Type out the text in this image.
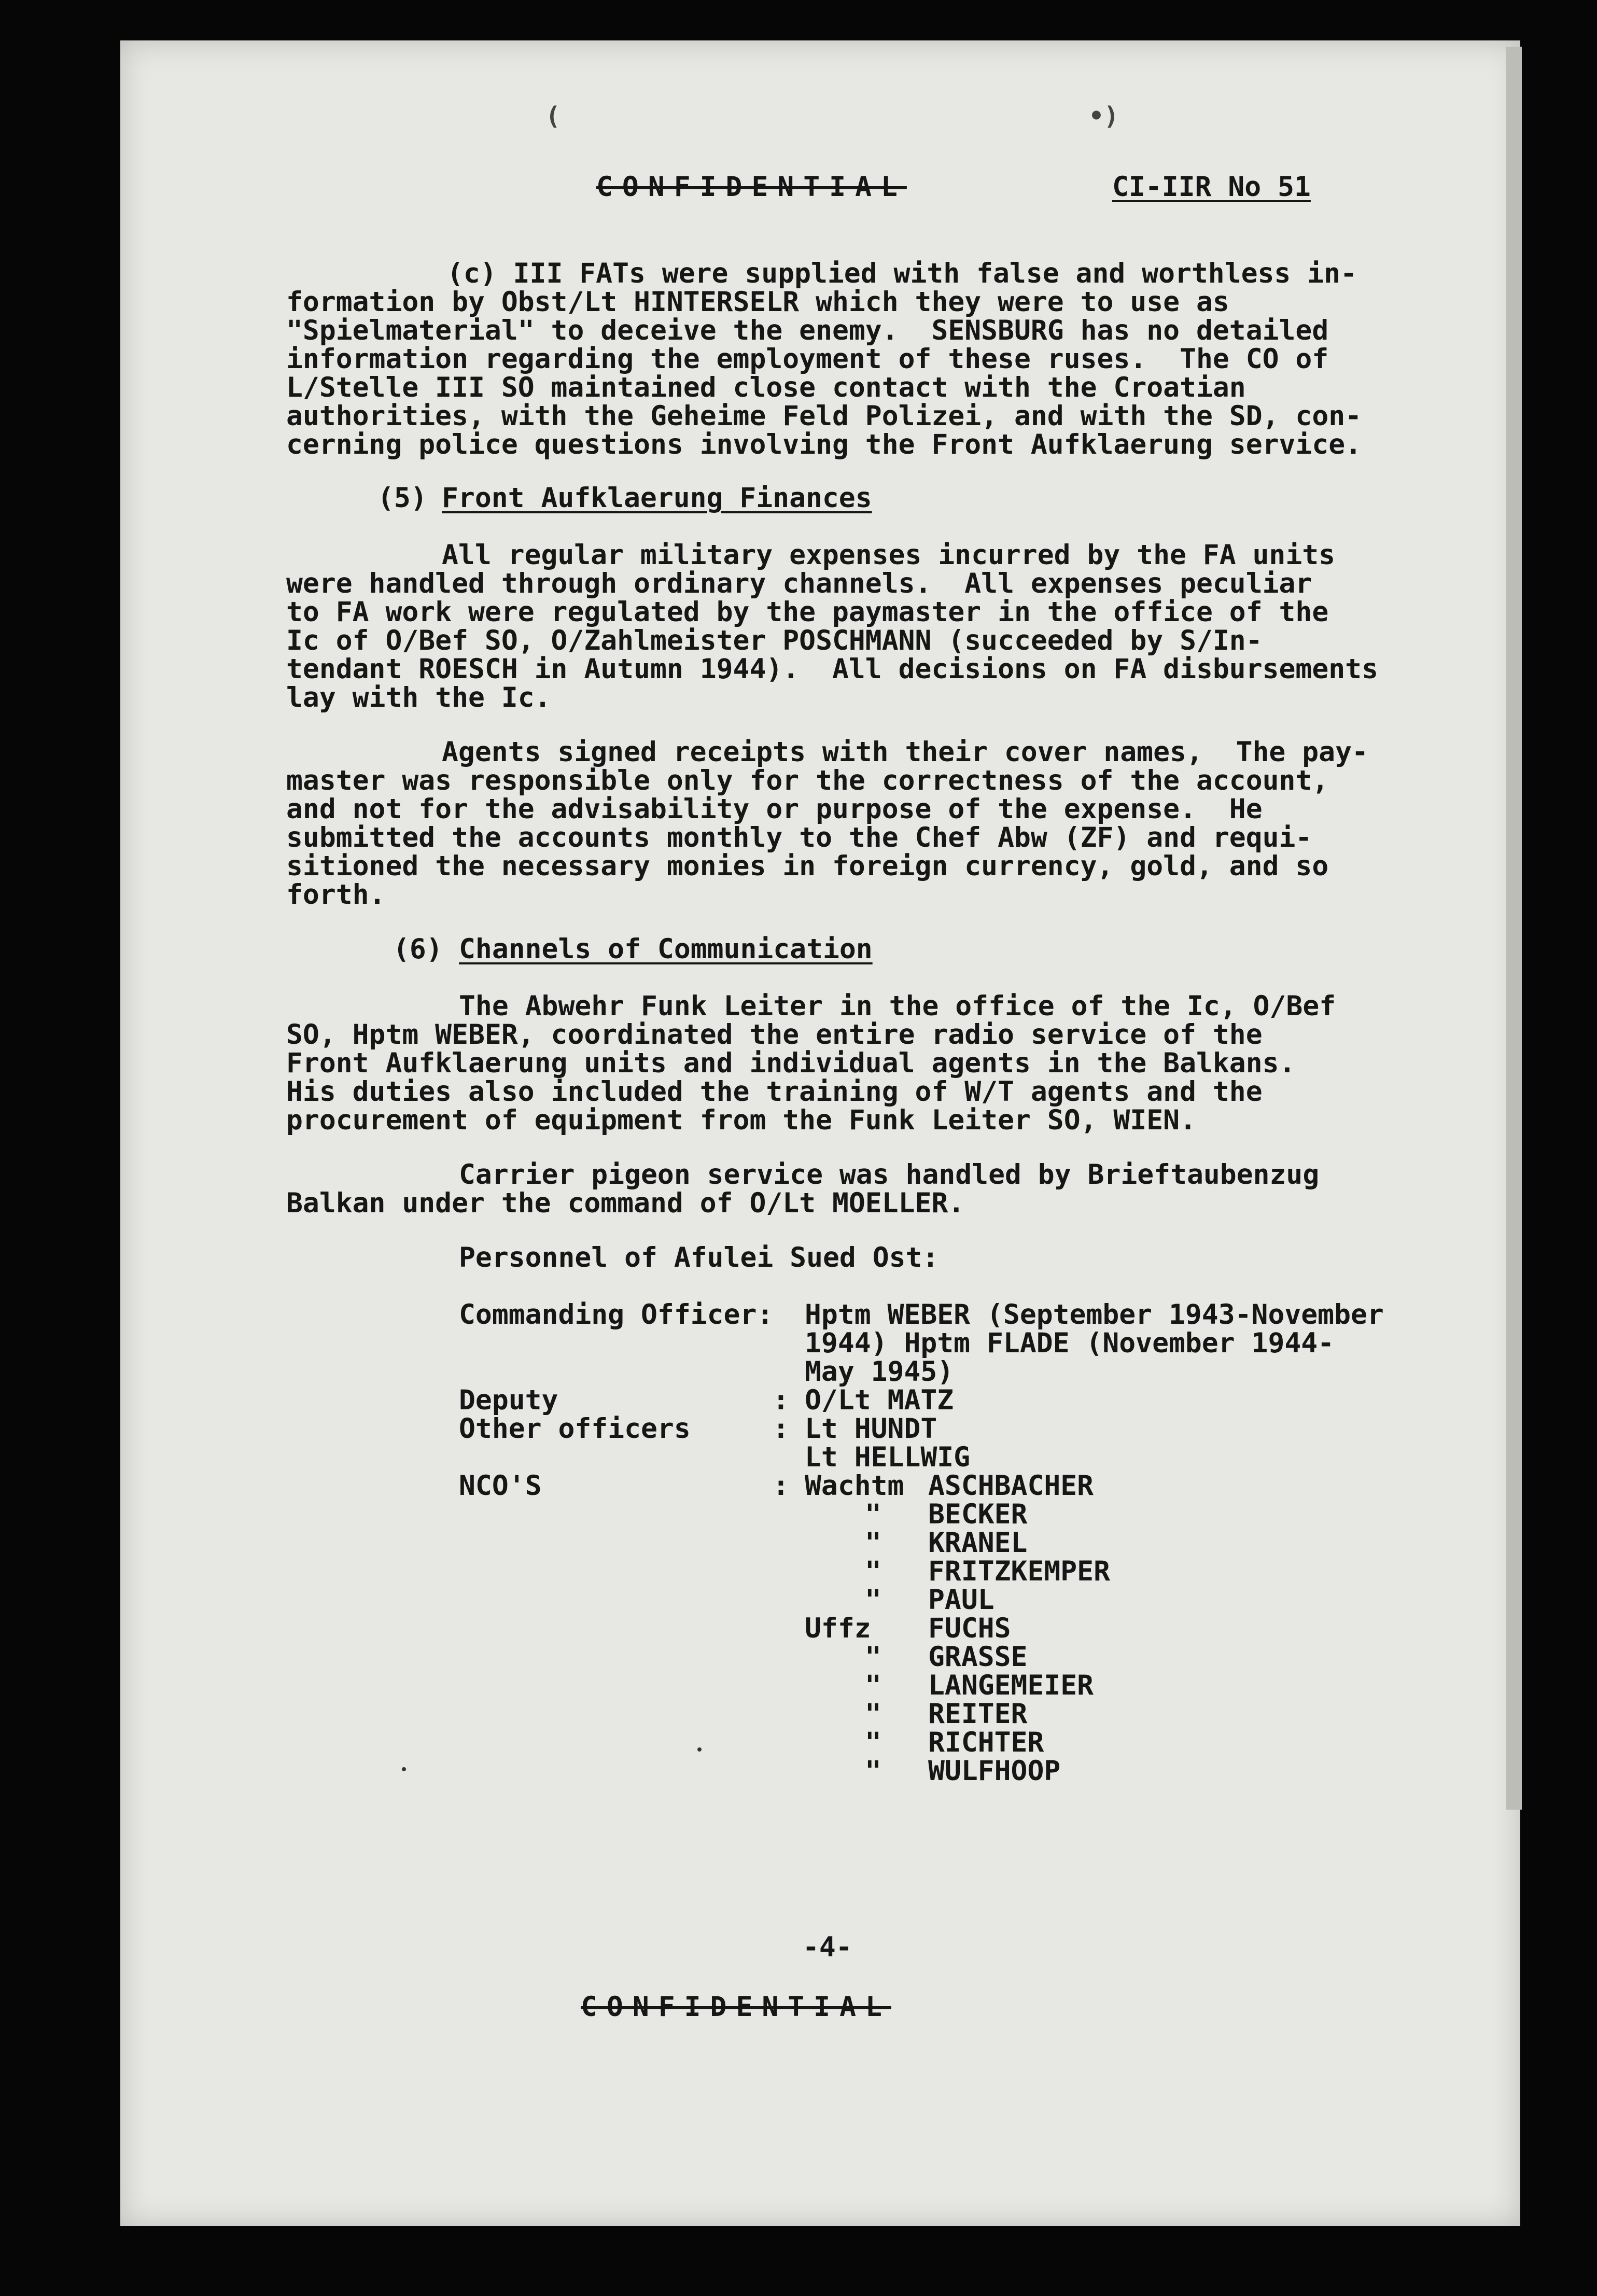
(	•)
CONFIDENTIAL	CI-IIR No 51
(c) III FATs were supplied with false and worthless in-
formation by Obst/Lt HINTERSELR which they were to use as
"Spielmaterial" to deceive the enemy.  SENSBURG has no detailed
information regarding the employment of these ruses.  The CO of
L/Stelle III SO maintained close contact with the Croatian
authorities, with the Geheime Feld Polizei, and with the SD, con-
cerning police questions involving the Front Aufklaerung service.
(5) Front Aufklaerung Finances
All regular military expenses incurred by the FA units
were handled through ordinary channels.  All expenses peculiar
to FA work were regulated by the paymaster in the office of the
Ic of O/Bef SO, O/Zahlmeister POSCHMANN (succeeded by S/In-
tendant ROESCH in Autumn 1944).  All decisions on FA disbursements
lay with the Ic.
Agents signed receipts with their cover names,  The pay-
master was responsible only for the correctness of the account,
and not for the advisability or purpose of the expense.  He
submitted the accounts monthly to the Chef Abw (ZF) and requi-
sitioned the necessary monies in foreign currency, gold, and so
forth.
(6) Channels of Communication
The Abwehr Funk Leiter in the office of the Ic, O/Bef
SO, Hptm WEBER, coordinated the entire radio service of the
Front Aufklaerung units and individual agents in the Balkans.
His duties also included the training of W/T agents and the
procurement of equipment from the Funk Leiter SO, WIEN.
Carrier pigeon service was handled by Brieftaubenzug
Balkan under the command of O/Lt MOELLER.
Personnel of Afulei Sued Ost:
Commanding Officer: Hptm WEBER (September 1943-November
1944) Hptm FLADE (November 1944-
May 1945)
Deputy	: O/Lt MATZ
Other officers	: Lt HUNDT
Lt HELLWIG
NCO'S	: Wachtm ASCHBACHER
" BECKER
" KRANEL
" FRITZKEMPER
" PAUL
Uffz FUCHS
" GRASSE
" LANGEMEIER
" REITER
" RICHTER
" WULFHOOP
-4-
CONFIDENTIAL
